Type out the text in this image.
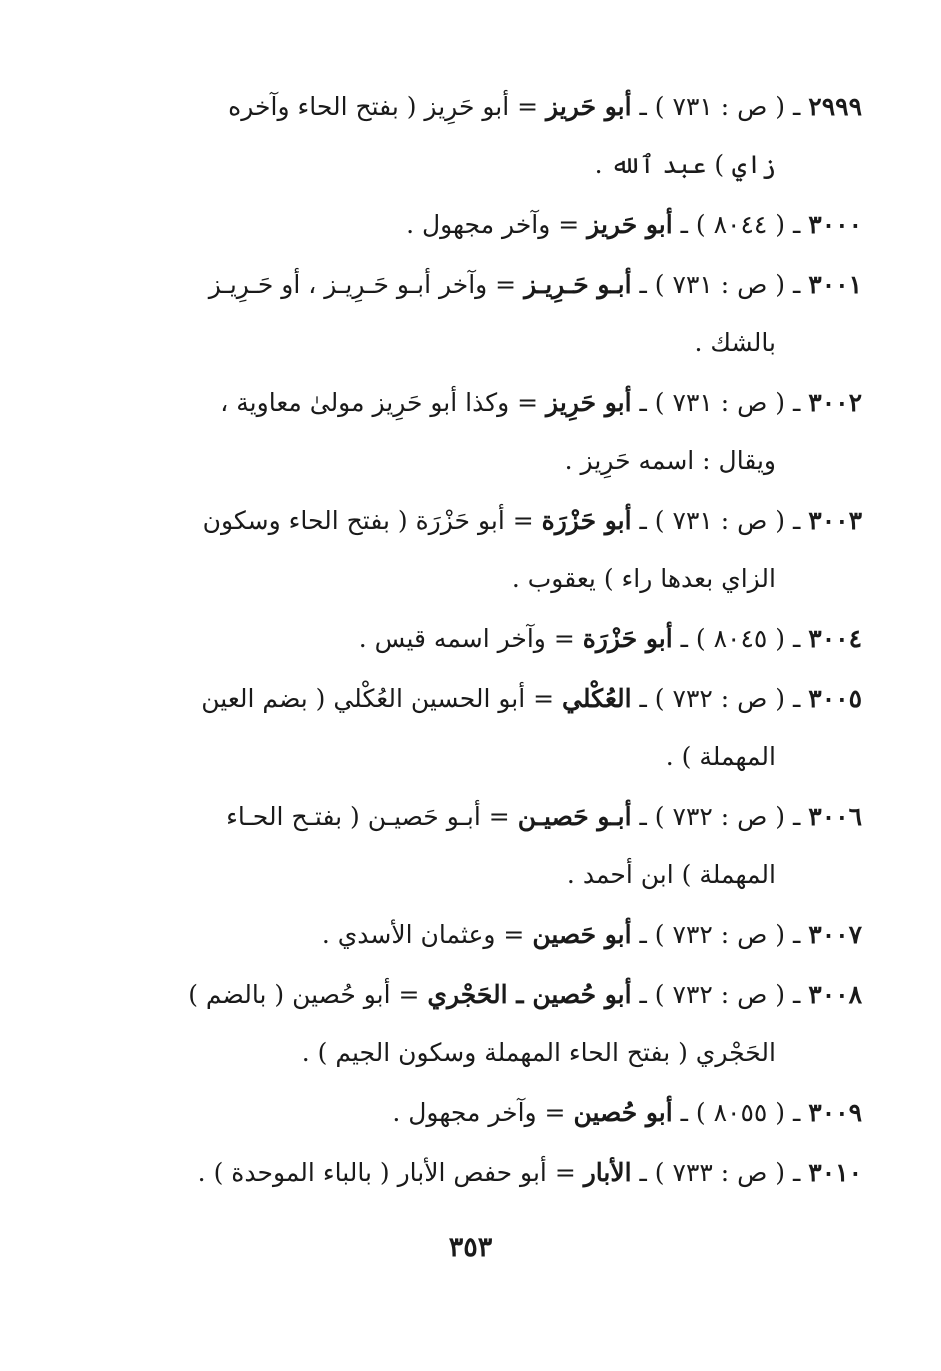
٢٩٩٩ ـ ( ص : ٧٣١ ) ـ أبو حَريز = أبو حَرِيز ( بفتح الحاء وآخره
زاي ) عبد ٱلله .
٣٠٠٠ ـ ( ٨٠٤٤ ) ـ أبو حَريز = وآخر مجهول .
٣٠٠١ ـ ( ص : ٧٣١ ) ـ أبـو حَـرِيـز = وآخر أبـو حَـرِيـز ، أو حَـرِيـز
بالشك .
٣٠٠٢ ـ ( ص : ٧٣١ ) ـ أبو حَرِيز = وكذا أبو حَرِيز مولىٰ معاوية ،
ويقال : اسمه حَرِيز .
٣٠٠٣ ـ ( ص : ٧٣١ ) ـ أبو حَزْرَة = أبو حَزْرَة ( بفتح الحاء وسكون
الزاي بعدها راء ) يعقوب .
٣٠٠٤ ـ ( ٨٠٤٥ ) ـ أبو حَزْرَة = وآخر اسمه قيس .
٣٠٠٥ ـ ( ص : ٧٣٢ ) ـ العُكْلي = أبو الحسين العُكْلي ( بضم العين
المهملة ) .
٣٠٠٦ ـ ( ص : ٧٣٢ ) ـ أبـو حَصيـن = أبـو حَصيـن ( بفتـح الحـاء
المهملة ) ابن أحمد .
٣٠٠٧ ـ ( ص : ٧٣٢ ) ـ أبو حَصين = وعثمان الأسدي .
٣٠٠٨ ـ ( ص : ٧٣٢ ) ـ أبو حُصين ـ الحَجْري = أبو حُصين ( بالضم )
الحَجْري ( بفتح الحاء المهملة وسكون الجيم ) .
٣٠٠٩ ـ ( ٨٠٥٥ ) ـ أبو حُصين = وآخر مجهول .
٣٠١٠ ـ ( ص : ٧٣٣ ) ـ الأبار = أبو حفص الأبار ( بالباء الموحدة ) .
٣٥٣
